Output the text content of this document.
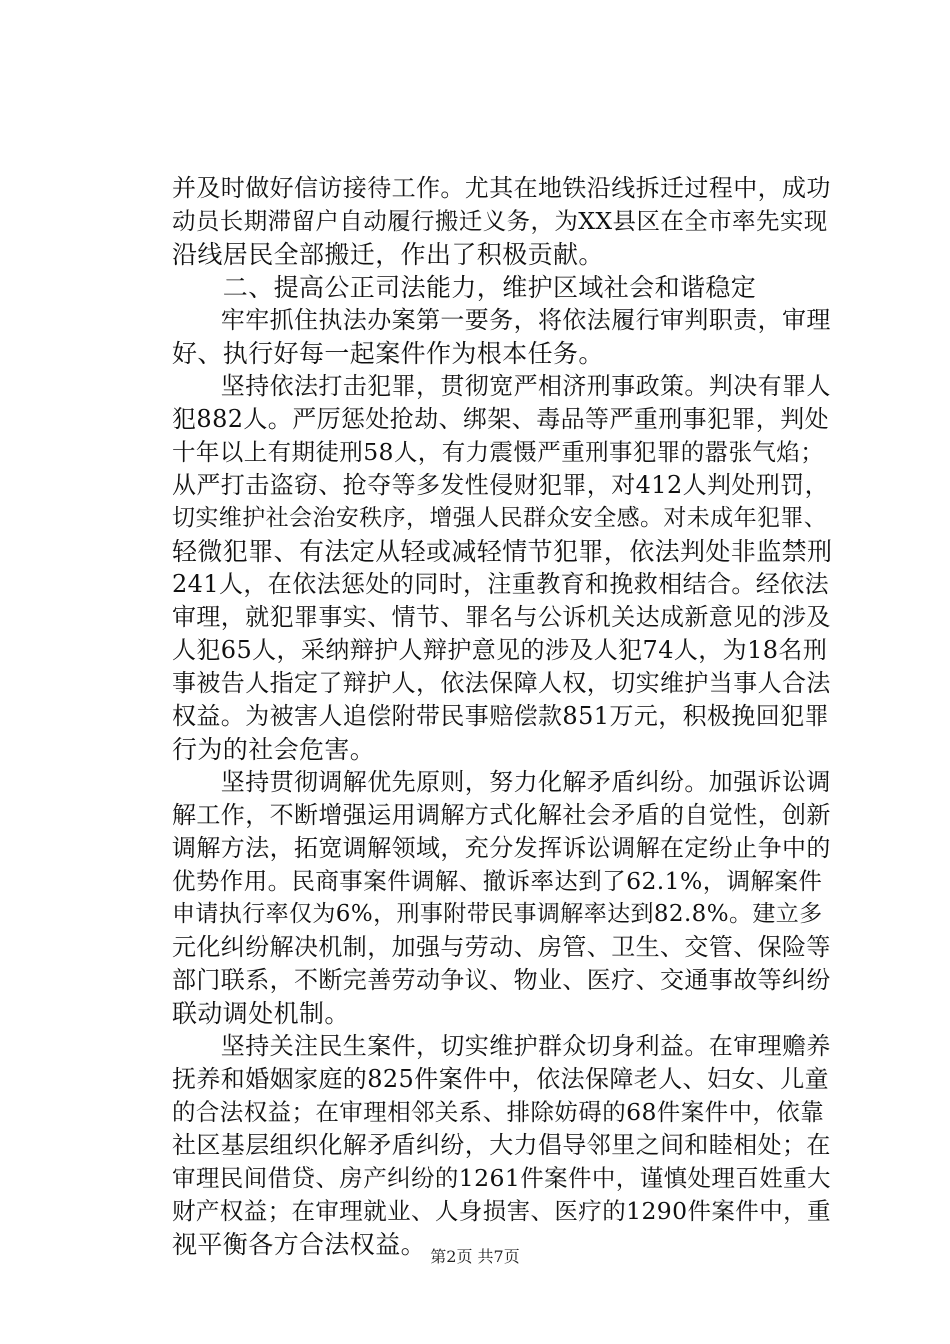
并及时做好信访接待工作。尤其在地铁沿线拆迁过程中，成功
动员长期滞留户自动履行搬迁义务，为XX县区在全市率先实现
沿线居民全部搬迁，作出了积极贡献。
　　二、提高公正司法能力，维护区域社会和谐稳定
　　牢牢抓住执法办案第一要务，将依法履行审判职责，审理
好、执行好每一起案件作为根本任务。
　　坚持依法打击犯罪，贯彻宽严相济刑事政策。判决有罪人
犯882人。严厉惩处抢劫、绑架、毒品等严重刑事犯罪，判处
十年以上有期徒刑58人，有力震慑严重刑事犯罪的嚣张气焰；
从严打击盗窃、抢夺等多发性侵财犯罪，对412人判处刑罚，
切实维护社会治安秩序，增强人民群众安全感。对未成年犯罪、
轻微犯罪、有法定从轻或减轻情节犯罪，依法判处非监禁刑
241人，在依法惩处的同时，注重教育和挽救相结合。经依法
审理，就犯罪事实、情节、罪名与公诉机关达成新意见的涉及
人犯65人，采纳辩护人辩护意见的涉及人犯74人，为18名刑
事被告人指定了辩护人，依法保障人权，切实维护当事人合法
权益。为被害人追偿附带民事赔偿款851万元，积极挽回犯罪
行为的社会危害。
　　坚持贯彻调解优先原则，努力化解矛盾纠纷。加强诉讼调
解工作，不断增强运用调解方式化解社会矛盾的自觉性，创新
调解方法，拓宽调解领域，充分发挥诉讼调解在定纷止争中的
优势作用。民商事案件调解、撤诉率达到了62.1%，调解案件
申请执行率仅为6%，刑事附带民事调解率达到82.8%。建立多
元化纠纷解决机制，加强与劳动、房管、卫生、交管、保险等
部门联系，不断完善劳动争议、物业、医疗、交通事故等纠纷
联动调处机制。
　　坚持关注民生案件，切实维护群众切身利益。在审理赡养
抚养和婚姻家庭的825件案件中，依法保障老人、妇女、儿童
的合法权益；在审理相邻关系、排除妨碍的68件案件中，依靠
社区基层组织化解矛盾纠纷，大力倡导邻里之间和睦相处；在
审理民间借贷、房产纠纷的1261件案件中，谨慎处理百姓重大
财产权益；在审理就业、人身损害、医疗的1290件案件中，重
视平衡各方合法权益。 第2页 共7页
